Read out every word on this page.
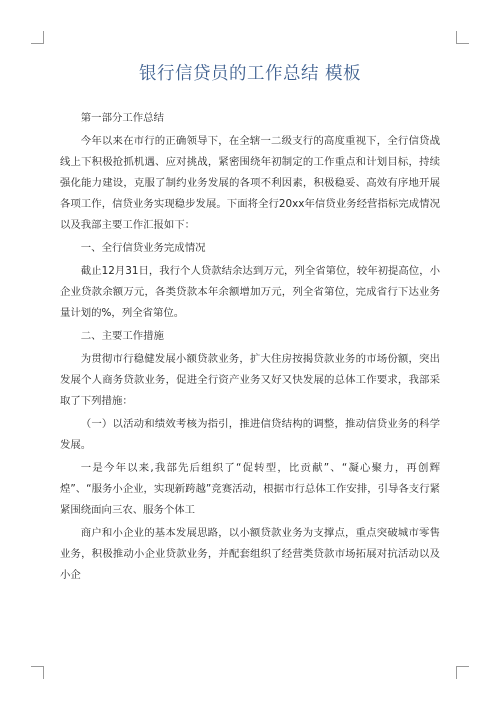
银行信贷员的工作总结 模板

第一部分工作总结

今年以来在市行的正确领导下，在全辖一二级支行的高度重视下，全行信贷战线上下积极抢抓机遇、应对挑战，紧密围绕年初制定的工作重点和计划目标，持续强化能力建设，克服了制约业务发展的各项不利因素，积极稳妥、高效有序地开展各项工作，信贷业务实现稳步发展。下面将全行20xx年信贷业务经营指标完成情况以及我部主要工作汇报如下：

一、全行信贷业务完成情况

截止12月31日，我行个人贷款结余达到万元，列全省第位，较年初提高位，小企业贷款余额万元，各类贷款本年余额增加万元，列全省第位，完成省行下达业务量计划的%，列全省第位。

二、主要工作措施

为贯彻市行稳健发展小额贷款业务，扩大住房按揭贷款业务的市场份额，突出发展个人商务贷款业务，促进全行资产业务又好又快发展的总体工作要求，我部采取了下列措施：

（一）以活动和绩效考核为指引，推进信贷结构的调整，推动信贷业务的科学发展。

一是今年以来,我部先后组织了“促转型，比贡献”、“凝心聚力，再创辉煌”、“服务小企业，实现新跨越”竞赛活动，根据市行总体工作安排，引导各支行紧紧围绕面向三农、服务个体工

商户和小企业的基本发展思路，以小额贷款业务为支撑点，重点突破城市零售业务，积极推动小企业贷款业务，并配套组织了经营类贷款市场拓展对抗活动以及小企
